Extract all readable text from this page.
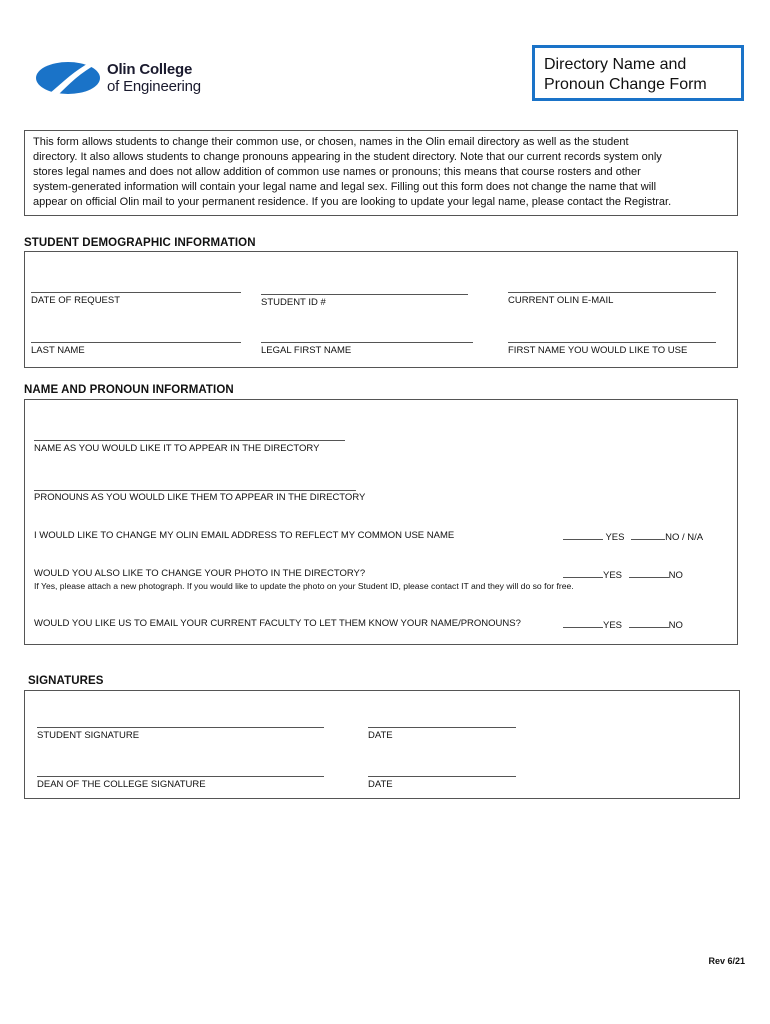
Olin College
of Engineering
Directory Name and
Pronoun Change Form
This form allows students to change their common use, or chosen, names in the Olin email directory as well as the student
directory. It also allows students to change pronouns appearing in the student directory. Note that our current records system only
stores legal names and does not allow addition of common use names or pronouns; this means that course rosters and other
system-generated information will contain your legal name and legal sex. Filling out this form does not change the name that will
appear on official Olin mail to your permanent residence. If you are looking to update your legal name, please contact the Registrar.
STUDENT DEMOGRAPHIC INFORMATION
DATE OF REQUEST	STUDENT ID #	CURRENT OLIN E-MAIL
LAST NAME	LEGAL FIRST NAME	FIRST NAME YOU WOULD LIKE TO USE
NAME AND PRONOUN INFORMATION
NAME AS YOU WOULD LIKE IT TO APPEAR IN THE DIRECTORY
PRONOUNS AS YOU WOULD LIKE THEM TO APPEAR IN THE DIRECTORY
I WOULD LIKE TO CHANGE MY OLIN EMAIL ADDRESS TO REFLECT MY COMMON USE NAME	YES	NO / N/A
WOULD YOU ALSO LIKE TO CHANGE YOUR PHOTO IN THE DIRECTORY?	YES	NO
If Yes, please attach a new photograph. If you would like to update the photo on your Student ID, please contact IT and they will do so for free.
WOULD YOU LIKE US TO EMAIL YOUR CURRENT FACULTY TO LET THEM KNOW YOUR NAME/PRONOUNS?	YES	NO
SIGNATURES
STUDENT SIGNATURE	DATE
DEAN OF THE COLLEGE SIGNATURE	DATE
Rev 6/21
